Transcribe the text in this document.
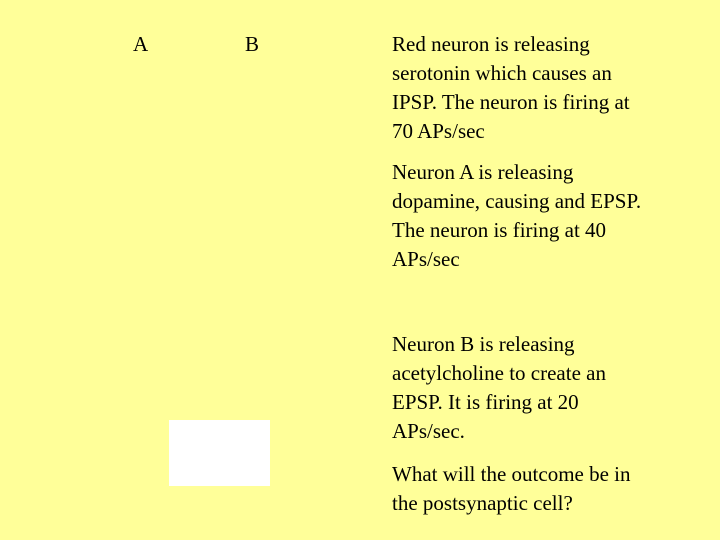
A	B	Red neuron is releasing
serotonin which causes an
IPSP. The neuron is firing at
70 APs/sec
Neuron A is releasing
dopamine, causing and EPSP.
The neuron is firing at 40
APs/sec
Neuron B is releasing
acetylcholine to create an
EPSP. It is firing at 20
APs/sec.
What will the outcome be in
the postsynaptic cell?
